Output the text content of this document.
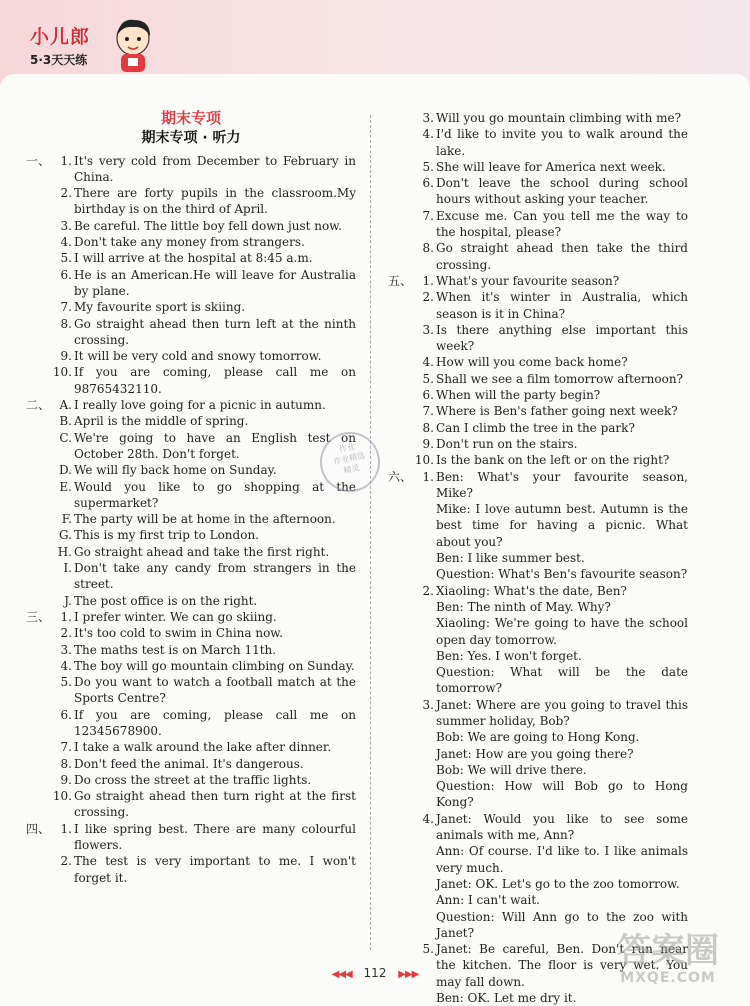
小儿郎
5·3天天练
期末专项
期末专项 · 听力
一、 1. It's very cold from December to February in China.
2. There are forty pupils in the classroom.My birthday is on the third of April.
3. Be careful. The little boy fell down just now.
4. Don't take any money from strangers.
5. I will arrive at the hospital at 8:45 a.m.
6. He is an American.He will leave for Australia by plane.
7. My favourite sport is skiing.
8. Go straight ahead then turn left at the ninth crossing.
9. It will be very cold and snowy tomorrow.
10. If you are coming, please call me on 98765432110.
二、 A. I really love going for a picnic in autumn.
B. April is the middle of spring.
C. We're going to have an English test on October 28th. Don't forget.
D. We will fly back home on Sunday.
E. Would you like to go shopping at the supermarket?
F. The party will be at home in the afternoon.
G. This is my first trip to London.
H. Go straight ahead and take the first right.
I. Don't take any candy from strangers in the street.
J. The post office is on the right.
三、 1. I prefer winter. We can go skiing.
2. It's too cold to swim in China now.
3. The maths test is on March 11th.
4. The boy will go mountain climbing on Sunday.
5. Do you want to watch a football match at the Sports Centre?
6. If you are coming, please call me on 12345678900.
7. I take a walk around the lake after dinner.
8. Don't feed the animal. It's dangerous.
9. Do cross the street at the traffic lights.
10. Go straight ahead then turn right at the first crossing.
四、 1. I like spring best. There are many colourful flowers.
2. The test is very important to me. I won't forget it.
3. Will you go mountain climbing with me?
4. I'd like to invite you to walk around the lake.
5. She will leave for America next week.
6. Don't leave the school during school hours without asking your teacher.
7. Excuse me. Can you tell me the way to the hospital, please?
8. Go straight ahead then take the third crossing.
五、 1. What's your favourite season?
2. When it's winter in Australia, which season is it in China?
3. Is there anything else important this week?
4. How will you come back home?
5. Shall we see a film tomorrow afternoon?
6. When will the party begin?
7. Where is Ben's father going next week?
8. Can I climb the tree in the park?
9. Don't run on the stairs.
10. Is the bank on the left or on the right?
六、 1. Ben: What's your favourite season, Mike?
Mike: I love autumn best. Autumn is the best time for having a picnic. What about you?
Ben: I like summer best.
Question: What's Ben's favourite season?
2. Xiaoling: What's the date, Ben?
Ben: The ninth of May. Why?
Xiaoling: We're going to have the school open day tomorrow.
Ben: Yes. I won't forget.
Question: What will be the date tomorrow?
3. Janet: Where are you going to travel this summer holiday, Bob?
Bob: We are going to Hong Kong.
Janet: How are you going there?
Bob: We will drive there.
Question: How will Bob go to Hong Kong?
4. Janet: Would you like to see some animals with me, Ann?
Ann: Of course. I'd like to. I like animals very much.
Janet: OK. Let's go to the zoo tomorrow.
Ann: I can't wait.
Question: Will Ann go to the zoo with Janet?
5. Janet: Be careful, Ben. Don't run near the kitchen. The floor is very wet. You may fall down.
Ben: OK. Let me dry it.
作业
作业精选
精灵
◀◀◀ 112 ▶▶▶
答案圈
MXQE.COM
